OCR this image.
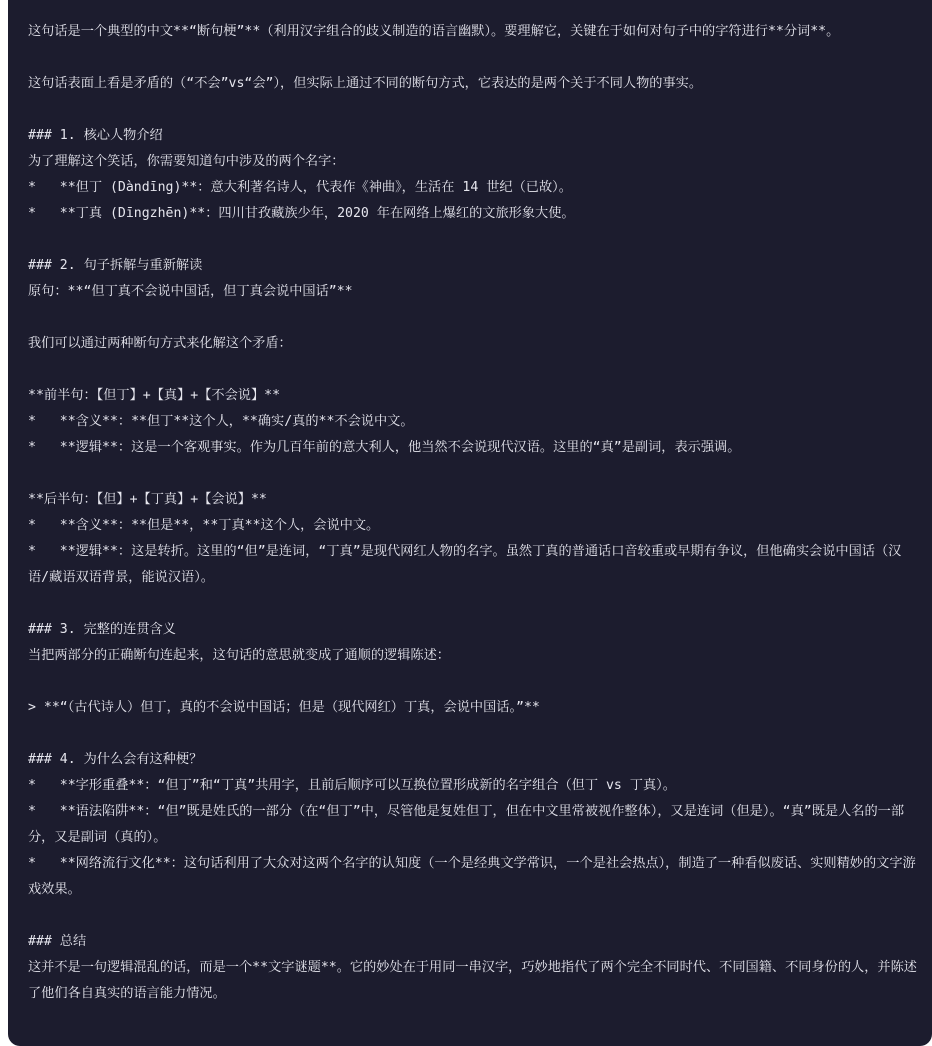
这句话是一个典型的中文**“断句梗”**（利用汉字组合的歧义制造的语言幽默）。要理解它，关键在于如何对句子中的字符进行**分词**。
这句话表面上看是矛盾的（“不会”vs“会”），但实际上通过不同的断句方式，它表达的是两个关于不同人物的事实。
### 1. 核心人物介绍
为了理解这个笑话，你需要知道句中涉及的两个名字：
*   **但丁 (Dàndīng)**：意大利著名诗人，代表作《神曲》，生活在 14 世纪（已故）。
*   **丁真 (Dīngzhēn)**：四川甘孜藏族少年，2020 年在网络上爆红的文旅形象大使。
### 2. 句子拆解与重新解读
原句：**“但丁真不会说中国话，但丁真会说中国话”**
我们可以通过两种断句方式来化解这个矛盾：
**前半句：【但丁】+【真】+【不会说】**
*   **含义**：**但丁**这个人，**确实/真的**不会说中文。
*   **逻辑**：这是一个客观事实。作为几百年前的意大利人，他当然不会说现代汉语。这里的“真”是副词，表示强调。
**后半句：【但】+【丁真】+【会说】**
*   **含义**：**但是**，**丁真**这个人，会说中文。
*   **逻辑**：这是转折。这里的“但”是连词，“丁真”是现代网红人物的名字。虽然丁真的普通话口音较重或早期有争议，但他确实会说中国话（汉语/藏语双语背景，能说汉语）。
### 3. 完整的连贯含义
当把两部分的正确断句连起来，这句话的意思就变成了通顺的逻辑陈述：
> **“（古代诗人）但丁，真的不会说中国话；但是（现代网红）丁真，会说中国话。”**
### 4. 为什么会有这种梗？
*   **字形重叠**：“但丁”和“丁真”共用字，且前后顺序可以互换位置形成新的名字组合（但丁 vs 丁真）。
*   **语法陷阱**：“但”既是姓氏的一部分（在“但丁”中，尽管他是复姓但丁，但在中文里常被视作整体），又是连词（但是）。“真”既是人名的一部分，又是副词（真的）。
*   **网络流行文化**：这句话利用了大众对这两个名字的认知度（一个是经典文学常识，一个是社会热点），制造了一种看似废话、实则精妙的文字游戏效果。
### 总结
这并不是一句逻辑混乱的话，而是一个**文字谜题**。它的妙处在于用同一串汉字，巧妙地指代了两个完全不同时代、不同国籍、不同身份的人，并陈述了他们各自真实的语言能力情况。
